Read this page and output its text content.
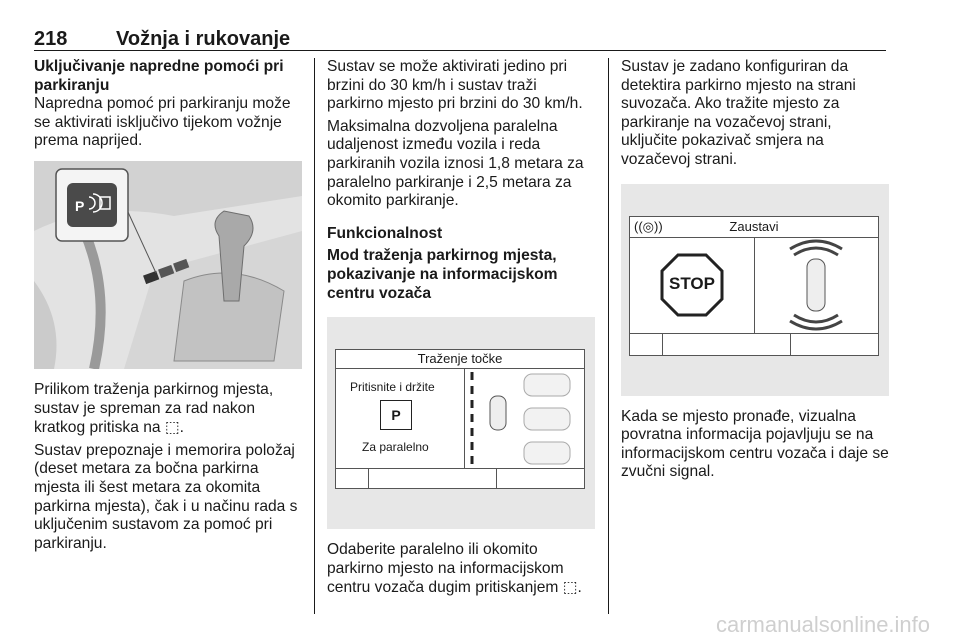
218 Vožnja i rukovanje

Uključivanje napredne pomoći pri parkiranju

Napredna pomoć pri parkiranju može se aktivirati isključivo tijekom vožnje prema naprijed.

P

Prilikom traženja parkirnog mjesta, sustav je spreman za rad nakon kratkog pritiska na ⬚.

Sustav prepoznaje i memorira položaj (deset metara za bočna parkirna mjesta ili šest metara za okomita parkirna mjesta), čak i u načinu rada s uključenim sustavom za pomoć pri parkiranju.

Sustav se može aktivirati jedino pri brzini do 30 km/h i sustav traži parkirno mjesto pri brzini do 30 km/h.

Maksimalna dozvoljena paralelna udaljenost između vozila i reda parkiranih vozila iznosi 1,8 metara za paralelno parkiranje i 2,5 metara za okomito parkiranje.

Funkcionalnost

Mod traženja parkirnog mjesta, pokazivanje na informacijskom centru vozača

Traženje točke
Pritisnite i držite
P
Za paralelno

Odaberite paralelno ili okomito parkirno mjesto na informacijskom centru vozača dugim pritiskanjem ⬚.

Sustav je zadano konfiguriran da detektira parkirno mjesto na strani suvozača. Ako tražite mjesto za parkiranje na vozačevoj strani, uključite pokazivač smjera na vozačevoj strani.

((◎))	Zaustavi
STOP

Kada se mjesto pronađe, vizualna povratna informacija pojavljuju se na informacijskom centru vozača i daje se zvučni signal.

carmanualsonline.info
